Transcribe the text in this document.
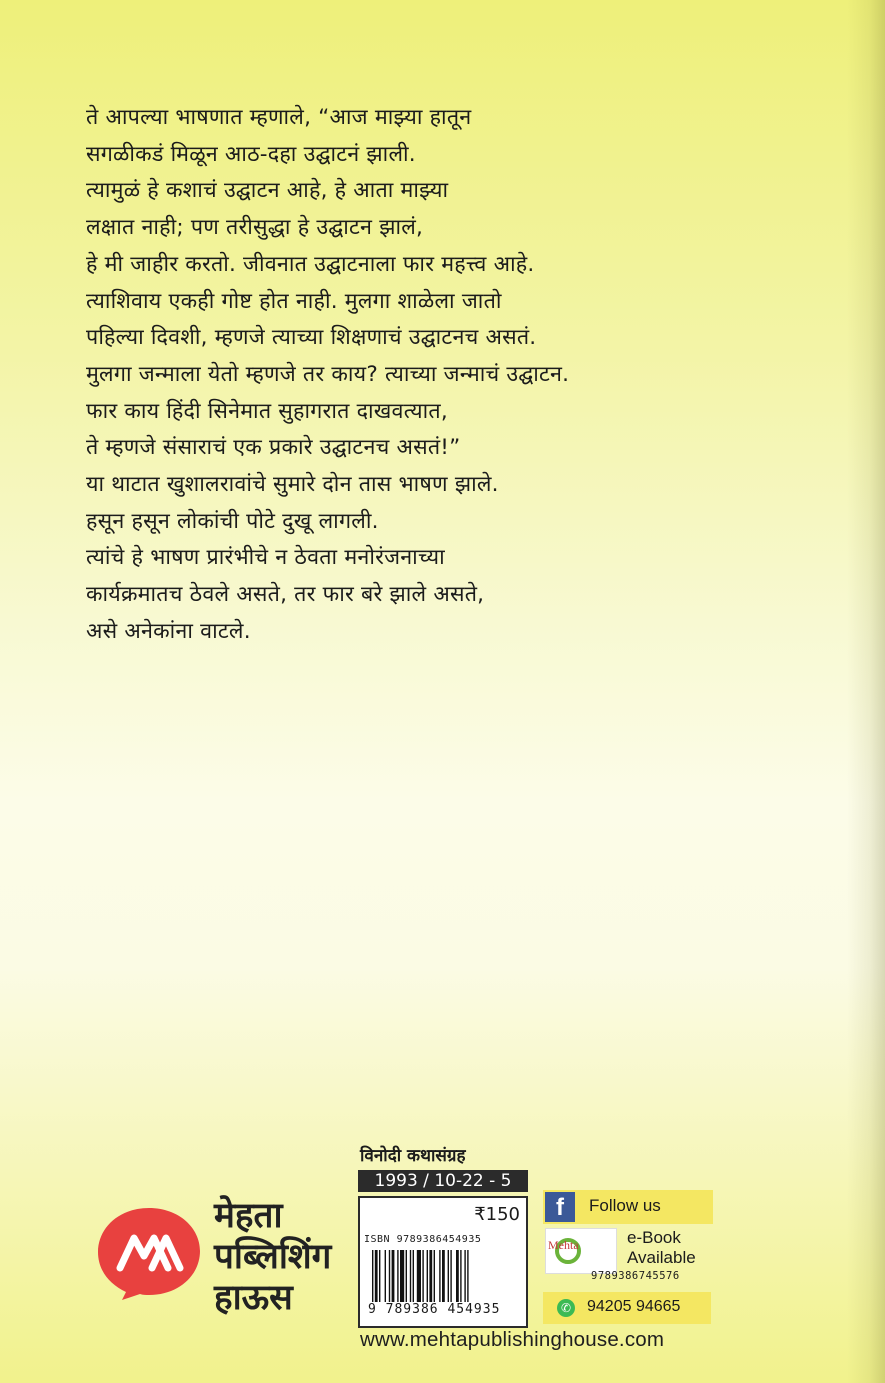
ते आपल्या भाषणात म्हणाले, “आज माझ्या हातून
सगळीकडं मिळून आठ-दहा उद्घाटनं झाली.
त्यामुळं हे कशाचं उद्घाटन आहे, हे आता माझ्या
लक्षात नाही; पण तरीसुद्धा हे उद्घाटन झालं,
हे मी जाहीर करतो. जीवनात उद्घाटनाला फार महत्त्व आहे.
त्याशिवाय एकही गोष्ट होत नाही. मुलगा शाळेला जातो
पहिल्या दिवशी, म्हणजे त्याच्या शिक्षणाचं उद्घाटनच असतं.
मुलगा जन्माला येतो म्हणजे तर काय? त्याच्या जन्माचं उद्घाटन.
फार काय हिंदी सिनेमात सुहागरात दाखवत्यात,
ते म्हणजे संसाराचं एक प्रकारे उद्घाटनच असतं!”
या थाटात खुशालरावांचे सुमारे दोन तास भाषण झाले.
हसून हसून लोकांची पोटे दुखू लागली.
त्यांचे हे भाषण प्रारंभीचे न ठेवता मनोरंजनाच्या
कार्यक्रमातच ठेवले असते, तर फार बरे झाले असते,
असे अनेकांना वाटले.
मेहता
पब्लिशिंग
हाऊस
विनोदी कथासंग्रह
1993 / 10-22 - 5
₹150
ISBN 9789386454935
9 789386 454935
f	Follow us
Mehta	e-Book
Available
9789386745576
✆ 94205 94665
www.mehtapublishinghouse.com
